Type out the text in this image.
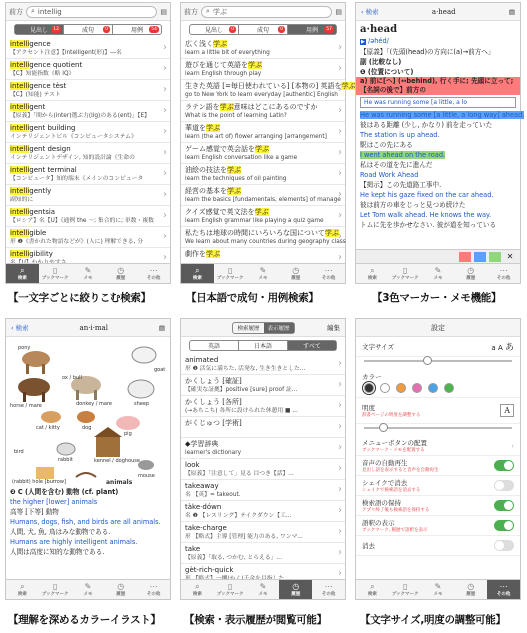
前方 ⌕ intellig	▤
見出し	12	成句	0	用例	54
intelligence
【アクセント注意】【intelligent(形)】―名
›
intelligence quotient
【C】知能指数《略 IQ》
›
intelligence tèst
【C】(知能) テスト
›
intelligent
【原義】「間から(inter)選ぶ力(lig)のある(ent)」【E】
›
intelligent building
インテリジェントビル《コンピュータシステム》
›
intelligent design
インテリジェントデザイン, 知的設計論《生命の
›
intelligent terminal
【コンピュータ】知的端末《メインのコンピュータ
›
intelligently
副知的に
›
intelligentsia
【ロシア】名【U】《通例 the ～; 集合的に; 単数・複数
›
intelligible
形 ❶《書かれた物語などが》(人に) 理解できる, 分
›
intelligibility
›
⌕
検索
▯
ブックマーク
✎
メモ
◷
履歴
⋯
その他
【一文字ごとに絞りこむ検索】
前方 ⌕ 学ぶ	▤
見出し	0	成句	0	用例	57
広く浅く学ぶ
learn a little bit of everything
›
遊びを通じて英語を学ぶ
learn English through play
›
生きた英語 [=毎日使われている] [本物の] 英語を学ぶ
go to New York to learn everyday [authentic] English
›
ラテン語を学ぶ意味はどこにあるのですか
What is the point of learning Latin?
›
華道を学ぶ
learn (the art of) flower arranging [arrangement]
›
ゲーム感覚で英会話を学ぶ
learn English conversation like a game
›
油絵の技法を学ぶ
learn the techniques of oil painting
›
経営の基本を学ぶ
learn the basics [fundamentals, elements] of manage
›
クイズ感覚で英文法を学ぶ
learn English grammar like playing a quiz game
›
私たちは地球の時間にいろいろな国について学ぶ
We learn about many countries during geography class
›
劇作を学ぶ
›
⌕
検索
▯
ブックマーク
✎
メモ
◷
履歴
⋯
その他
【日本語で成句・用例検索】
‹ 検索	a·head	▤
a·head
▶ /əhéd/
【原義】「(先頭(head)の方向に(a)→前方へ」
副 (比較なし)
❶ (位置について)
a) 前に[へ] (↔behind), 行く手に; 先頭に立って; 【名詞の後で】前方の
He was running some [a little, a lo
He was running some [a little, a long way] ahead.
彼はある距離 (少し, かなり) 前を走っていた
The station is up ahead.
駅はこの先にある
I went ahead on the road.
私はその道を先に進んだ
Road Work Ahead
【掲示】この先道路工事中.
He kept his gaze fixed on the car ahead.
彼は前方の車をじっと見つめ続けた
Let Tom walk ahead. He knows the way.
トムに先を歩かせなさい. 彼が道を知っている
✕
⌕
検索
▯
ブックマーク
✎
メモ
◷
履歴
⋯
その他
【3色マーカー・メモ機能】
‹ 検索	an·i·mal	▤
pony
horse / mare
ox / bull
donkey / mare
goat
sheep
cat / kitty
pig
dog
rabbit	kennel / doghouse
bird
mouse
(rabbit) hole [burrow]	animals
❷ C (人間を含む) 動物 (cf. plant)
the higher [lower] animals
高等 [下等] 動物
Humans, dogs, fish, and birds are all animals.
人間, 犬, 魚, 鳥はみな動物である.
Humans are highly intelligent animals.
人間は高度に知的な動物である.
⌕
検索
▯
ブックマーク
✎
メモ
◷
履歴
⋯
その他
【理解を深めるカラーイラスト】
検索履歴	表示履歴	編集
英語	日本語	すべて
animated
形 ❶ 活気に満ちた, 活発な, 生き生きとした...
›
かくしょう [確証]
【確実な証拠】positive [sure] proof 証...
›
かくしょう [各所]
(→あちこち) 各所に設けられた休憩用 ■ ...
›
がくじゅつ [学術]
›
◆学習辞典
learner's dictionary
›
look
【原義】「注意して」見る 目つき【話】...
›
takeaway
名 【英】= takeout.
›
tàke·dówn
名 ❶ 【レスリング】テイクダウン【工...
›
take-charge
形 【略式】主導 [管理] 能力のある, ワンマ...
›
take
【原義】「取る, つかむ, とらえる」...
›
gèt-rich-quick
›
⌕
検索
▯
ブックマーク
✎
メモ
◷
履歴
⋯
その他
【検索・表示履歴が閲覧可能】
設定
文字サイズ	a A あ
カラー
明度
辞書ページの明度を調整する
A
メニューボタンの配置
ブックマーク・メモを配置する
›
音声の自動再生
見出し語を表示すると音声を自動再生
シェイクで消去
シェイクで検索語を消去する
検索語の保持
アプリ終了後も検索語を保持する
語釈の表示
ブックマーク, 履歴で語釈を表示
消去
⌕
検索
▯
ブックマーク
✎
メモ
◷
履歴
⋯
その他
【文字サイズ,明度の調整可能】
